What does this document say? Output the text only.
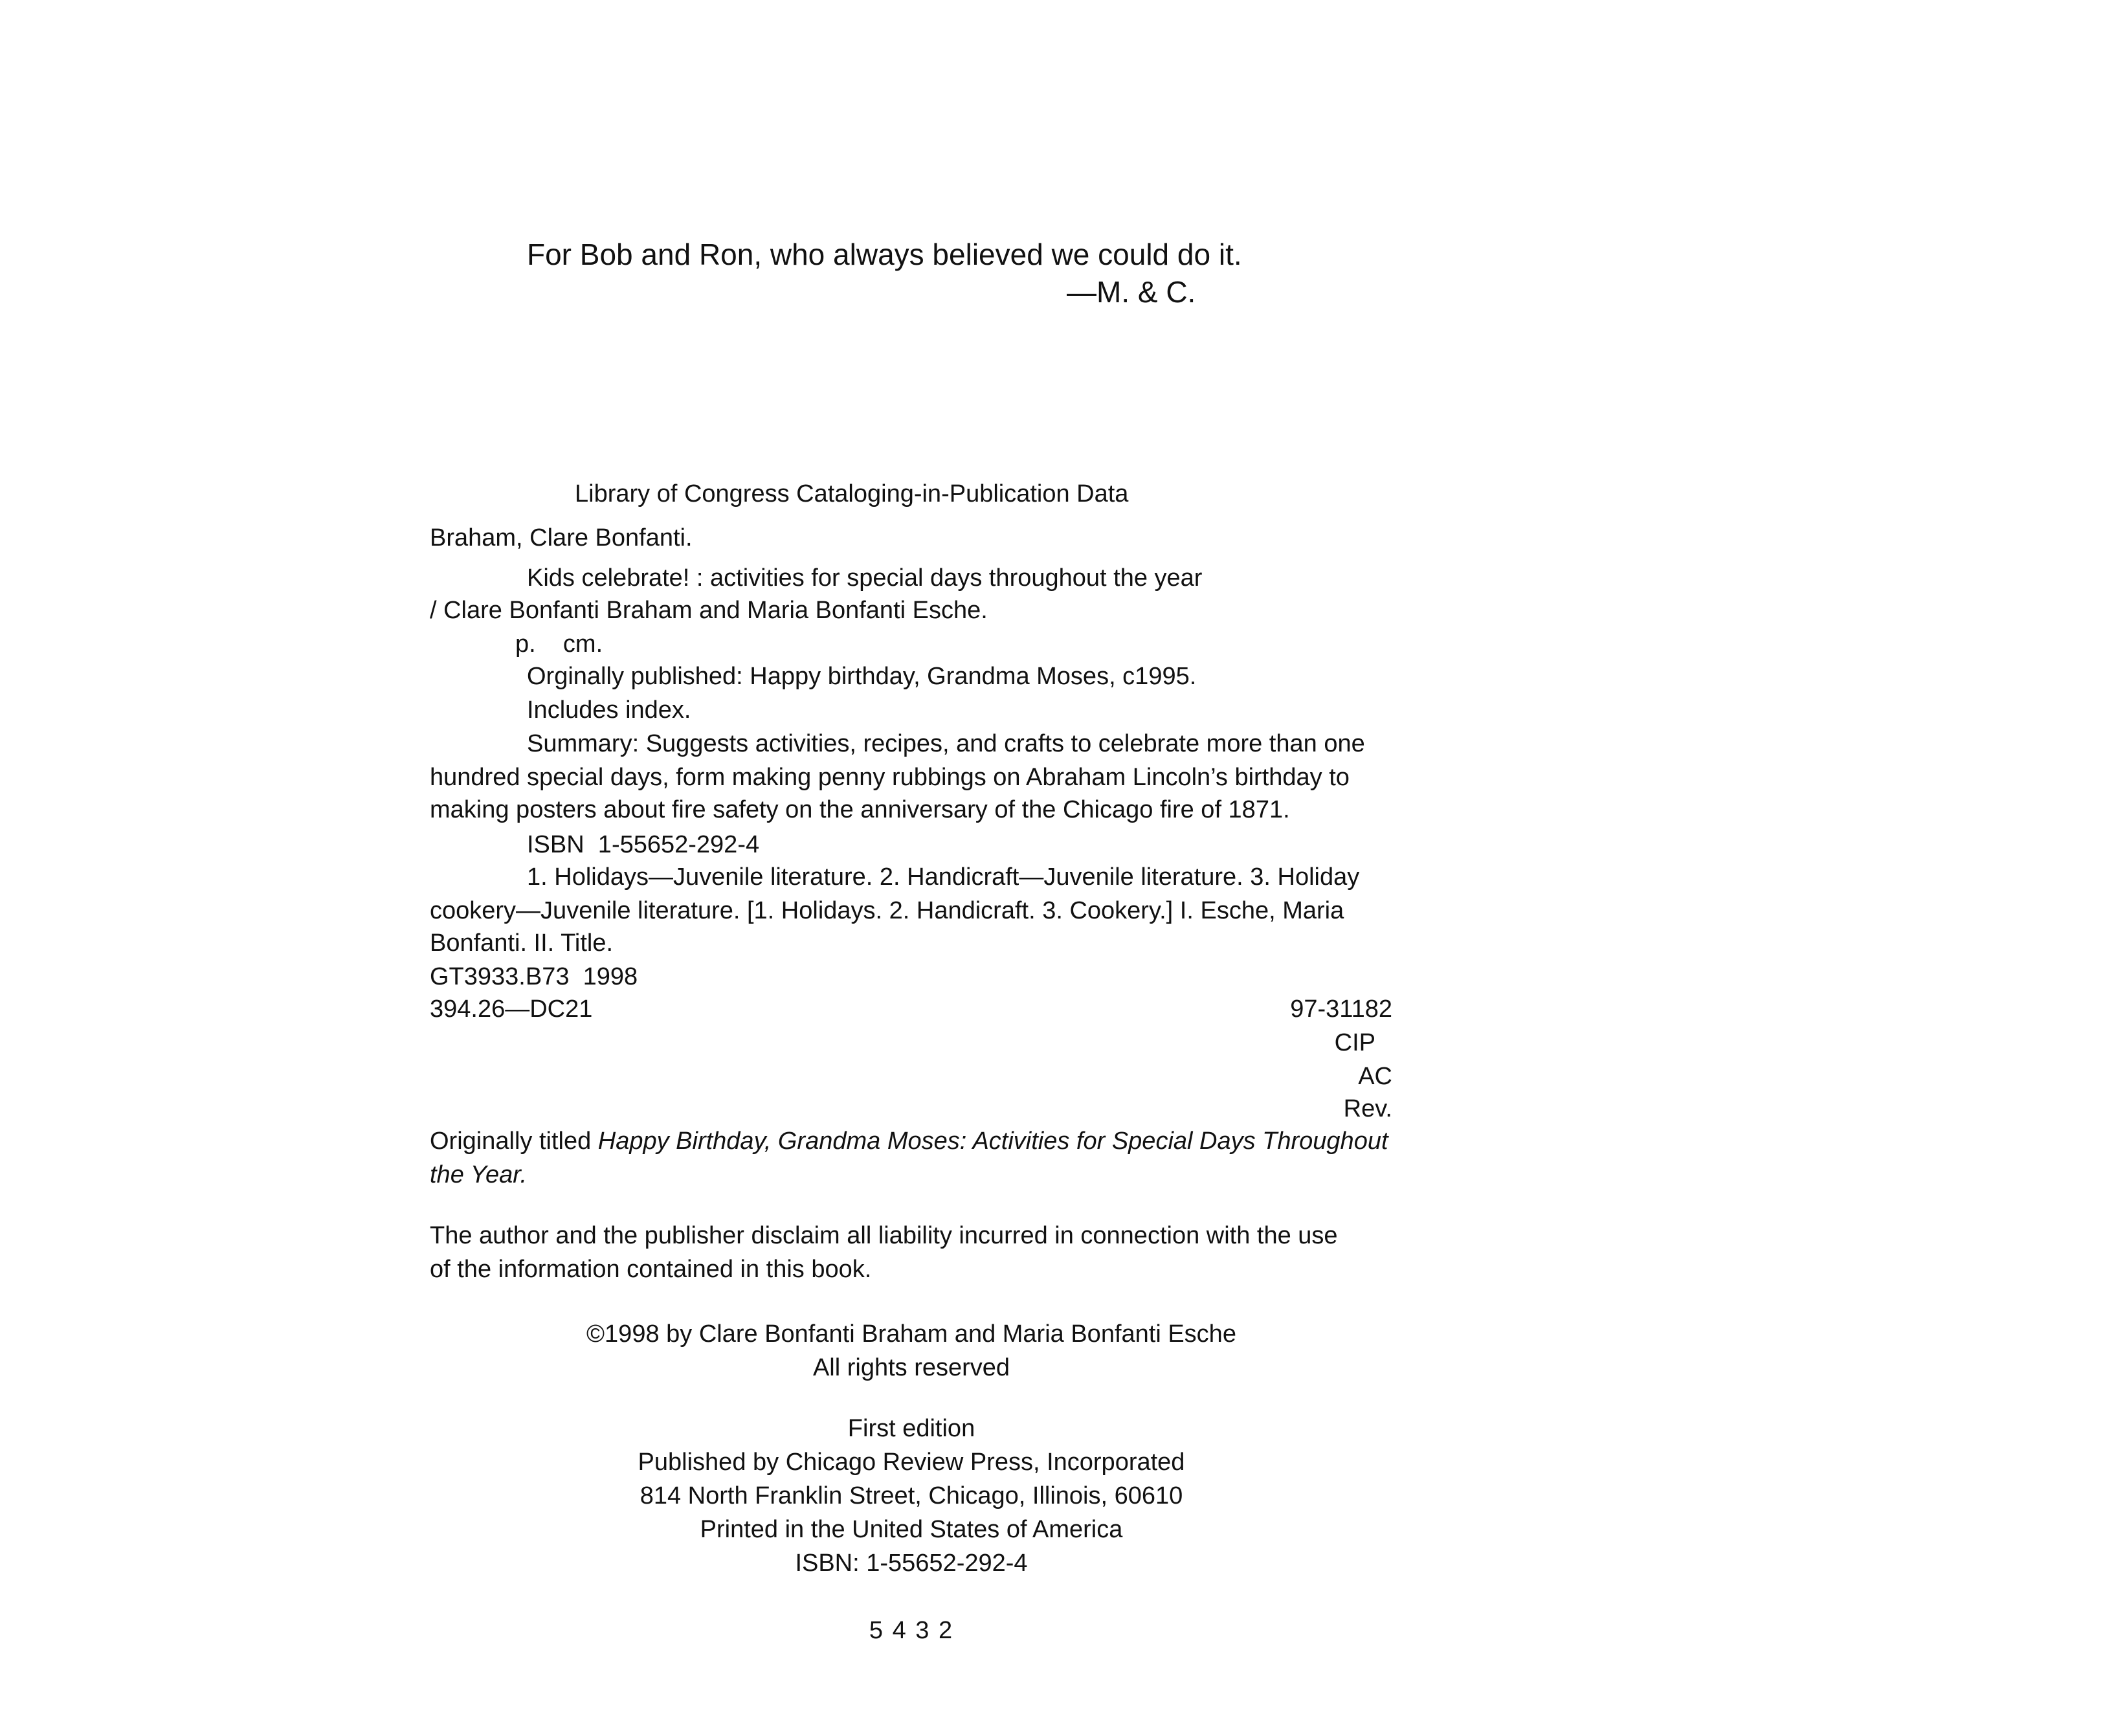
For Bob and Ron, who always believed we could do it.
—M. & C.
Library of Congress Cataloging-in-Publication Data
Braham, Clare Bonfanti.
Kids celebrate! : activities for special days throughout the year
/ Clare Bonfanti Braham and Maria Bonfanti Esche.
p.    cm.
Orginally published: Happy birthday, Grandma Moses, c1995.
Includes index.
Summary: Suggests activities, recipes, and crafts to celebrate more than one
hundred special days, form making penny rubbings on Abraham Lincoln’s birthday to
making posters about fire safety on the anniversary of the Chicago fire of 1871.
ISBN  1-55652-292-4
1. Holidays—Juvenile literature. 2. Handicraft—Juvenile literature. 3. Holiday
cookery—Juvenile literature. [1. Holidays. 2. Handicraft. 3. Cookery.] I. Esche, Maria
Bonfanti. II. Title.
GT3933.B73  1998
394.26—DC21	97-31182
CIP
AC
Rev.
Originally titled Happy Birthday, Grandma Moses: Activities for Special Days Throughout
the Year.
The author and the publisher disclaim all liability incurred in connection with the use
of the information contained in this book.
©1998 by Clare Bonfanti Braham and Maria Bonfanti Esche
All rights reserved
First edition
Published by Chicago Review Press, Incorporated
814 North Franklin Street, Chicago, Illinois, 60610
Printed in the United States of America
ISBN: 1-55652-292-4
5 4 3 2
